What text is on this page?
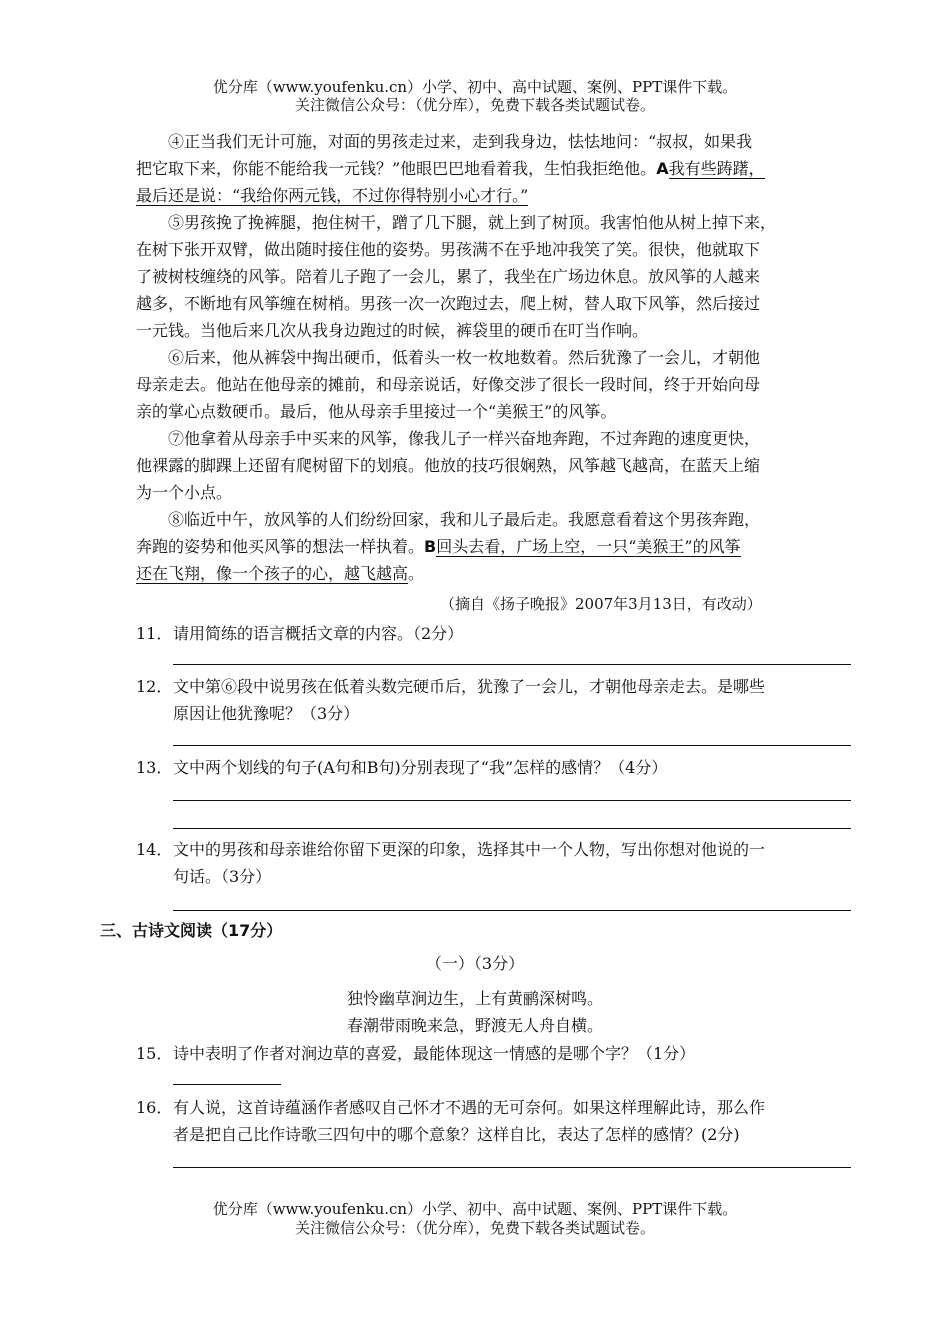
优分库（www.youfenku.cn）小学、初中、高中试题、案例、PPT课件下载。
关注微信公众号：（优分库），免费下载各类试题试卷。
④正当我们无计可施，对面的男孩走过来，走到我身边，怯怯地问：“叔叔，如果我
把它取下来，你能不能给我一元钱？”他眼巴巴地看着我，生怕我拒绝他。A我有些踌躇，
最后还是说：“我给你两元钱，不过你得特别小心才行。”
⑤男孩挽了挽裤腿，抱住树干，蹭了几下腿，就上到了树顶。我害怕他从树上掉下来，
在树下张开双臂，做出随时接住他的姿势。男孩满不在乎地冲我笑了笑。很快，他就取下
了被树枝缠绕的风筝。陪着儿子跑了一会儿，累了，我坐在广场边休息。放风筝的人越来
越多，不断地有风筝缠在树梢。男孩一次一次跑过去，爬上树，替人取下风筝，然后接过
一元钱。当他后来几次从我身边跑过的时候，裤袋里的硬币在叮当作响。
⑥后来，他从裤袋中掏出硬币，低着头一枚一枚地数着。然后犹豫了一会儿，才朝他
母亲走去。他站在他母亲的摊前，和母亲说话，好像交涉了很长一段时间，终于开始向母
亲的掌心点数硬币。最后，他从母亲手里接过一个“美猴王”的风筝。
⑦他拿着从母亲手中买来的风筝，像我儿子一样兴奋地奔跑，不过奔跑的速度更快，
他裸露的脚踝上还留有爬树留下的划痕。他放的技巧很娴熟，风筝越飞越高，在蓝天上缩
为一个小点。
⑧临近中午，放风筝的人们纷纷回家，我和儿子最后走。我愿意看着这个男孩奔跑，
奔跑的姿势和他买风筝的想法一样执着。B回头去看，广场上空，一只“美猴王”的风筝
还在飞翔，像一个孩子的心，越飞越高。
（摘自《扬子晚报》2007年3月13日，有改动）
11． 请用简练的语言概括文章的内容。（2分）
12． 文中第⑥段中说男孩在低着头数完硬币后，犹豫了一会儿，才朝他母亲走去。是哪些
原因让他犹豫呢？（3分）
13． 文中两个划线的句子(A句和B句)分别表现了“我”怎样的感情？（4分）
14． 文中的男孩和母亲谁给你留下更深的印象，选择其中一个人物，写出你想对他说的一
句话。（3分）
三、古诗文阅读（17分）
（一）（3分）
独怜幽草涧边生，上有黄鹂深树鸣。
春潮带雨晚来急，野渡无人舟自横。
15． 诗中表明了作者对涧边草的喜爱，最能体现这一情感的是哪个字？（1分）
16． 有人说，这首诗蕴涵作者感叹自己怀才不遇的无可奈何。如果这样理解此诗，那么作
者是把自己比作诗歌三四句中的哪个意象？这样自比，表达了怎样的感情？(2分)
优分库（www.youfenku.cn）小学、初中、高中试题、案例、PPT课件下载。
关注微信公众号：（优分库），免费下载各类试题试卷。
